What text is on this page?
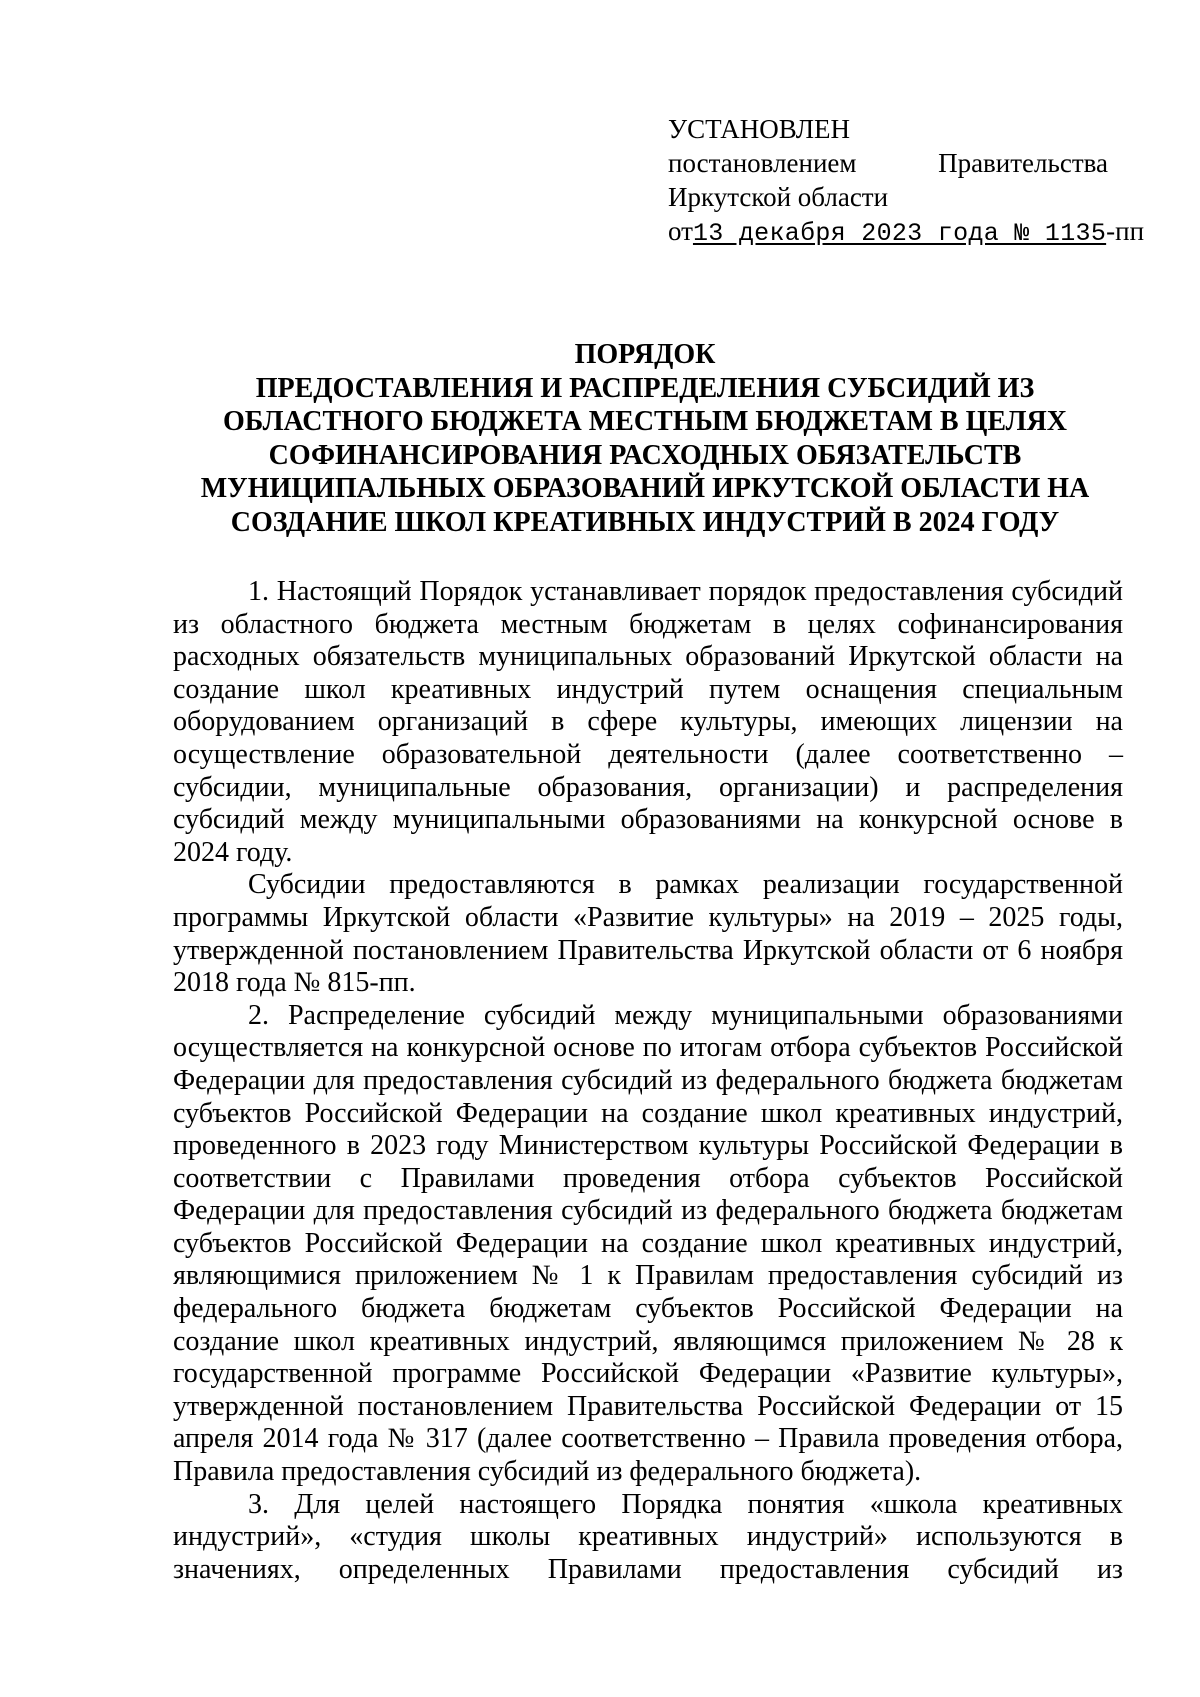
УСТАНОВЛЕН
постановлением	Правительства
Иркутской области
от13 декабря 2023 года № 1135-пп
ПОРЯДОК
ПРЕДОСТАВЛЕНИЯ И РАСПРЕДЕЛЕНИЯ СУБСИДИЙ ИЗ
ОБЛАСТНОГО БЮДЖЕТА МЕСТНЫМ БЮДЖЕТАМ В ЦЕЛЯХ
СОФИНАНСИРОВАНИЯ РАСХОДНЫХ ОБЯЗАТЕЛЬСТВ
МУНИЦИПАЛЬНЫХ ОБРАЗОВАНИЙ ИРКУТСКОЙ ОБЛАСТИ НА
СОЗДАНИЕ ШКОЛ КРЕАТИВНЫХ ИНДУСТРИЙ В 2024 ГОДУ

1. Настоящий Порядок устанавливает порядок предоставления субсидий из областного бюджета местным бюджетам в целях софинансирования расходных обязательств муниципальных образований Иркутской области на создание школ креативных индустрий путем оснащения специальным оборудованием организаций в сфере культуры, имеющих лицензии на осуществление образовательной деятельности (далее соответственно – субсидии, муниципальные образования, организации) и распределения субсидий между муниципальными образованиями на конкурсной основе в 2024 году.

Субсидии предоставляются в рамках реализации государственной программы Иркутской области «Развитие культуры» на 2019 – 2025 годы, утвержденной постановлением Правительства Иркутской области от 6 ноября 2018 года № 815-пп.

2. Распределение субсидий между муниципальными образованиями осуществляется на конкурсной основе по итогам отбора субъектов Российской Федерации для предоставления субсидий из федерального бюджета бюджетам субъектов Российской Федерации на создание школ креативных индустрий, проведенного в 2023 году Министерством культуры Российской Федерации в соответствии с Правилами проведения отбора субъектов Российской Федерации для предоставления субсидий из федерального бюджета бюджетам субъектов Российской Федерации на создание школ креативных индустрий, являющимися приложением № 1 к Правилам предоставления субсидий из федерального бюджета бюджетам субъектов Российской Федерации на создание школ креативных индустрий, являющимся приложением № 28 к государственной программе Российской Федерации «Развитие культуры», утвержденной постановлением Правительства Российской Федерации от 15 апреля 2014 года № 317 (далее соответственно – Правила проведения отбора, Правила предоставления субсидий из федерального бюджета).

3. Для целей настоящего Порядка понятия «школа креативных индустрий», «студия школы креативных индустрий» используются в значениях, определенных Правилами предоставления субсидий из
